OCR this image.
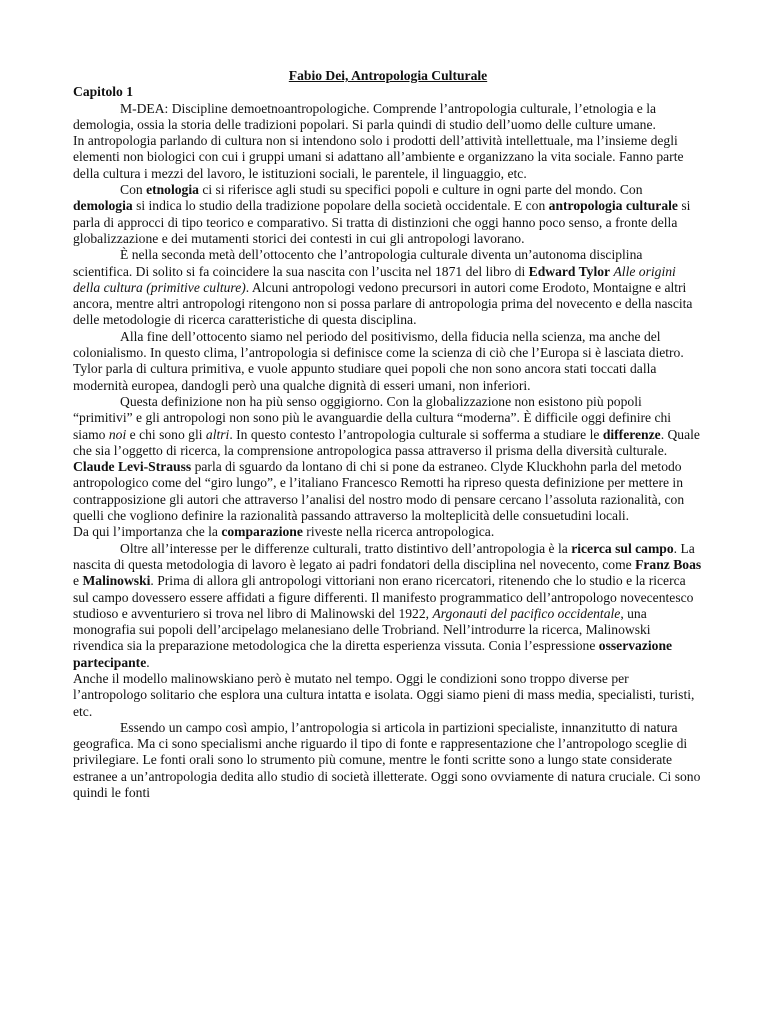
Fabio Dei, Antropologia Culturale
Capitolo 1

M-DEA: Discipline demoetnoantropologiche. Comprende l’antropologia culturale, l’etnologia e la demologia, ossia la storia delle tradizioni popolari. Si parla quindi di studio dell’uomo delle culture umane.

In antropologia parlando di cultura non si intendono solo i prodotti dell’attività intellettuale, ma l’insieme degli elementi non biologici con cui i gruppi umani si adattano all’ambiente e organizzano la vita sociale. Fanno parte della cultura i mezzi del lavoro, le istituzioni sociali, le parentele, il linguaggio, etc.

Con etnologia ci si riferisce agli studi su specifici popoli e culture in ogni parte del mondo. Con demologia si indica lo studio della tradizione popolare della società occidentale. E con antropologia culturale si parla di approcci di tipo teorico e comparativo. Si tratta di distinzioni che oggi hanno poco senso, a fronte della globalizzazione e dei mutamenti storici dei contesti in cui gli antropologi lavorano.

È nella seconda metà dell’ottocento che l’antropologia culturale diventa un’autonoma disciplina scientifica. Di solito si fa coincidere la sua nascita con l’uscita nel 1871 del libro di Edward Tylor Alle origini della cultura (primitive culture). Alcuni antropologi vedono precursori in autori come Erodoto, Montaigne e altri ancora, mentre altri antropologi ritengono non si possa parlare di antropologia prima del novecento e della nascita delle metodologie di ricerca caratteristiche di questa disciplina.

Alla fine dell’ottocento siamo nel periodo del positivismo, della fiducia nella scienza, ma anche del colonialismo. In questo clima, l’antropologia si definisce come la scienza di ciò che l’Europa si è lasciata dietro. Tylor parla di cultura primitiva, e vuole appunto studiare quei popoli che non sono ancora stati toccati dalla modernità europea, dandogli però una qualche dignità di esseri umani, non inferiori.

Questa definizione non ha più senso oggigiorno. Con la globalizzazione non esistono più popoli “primitivi” e gli antropologi non sono più le avanguardie della cultura “moderna”. È difficile oggi definire chi siamo noi e chi sono gli altri. In questo contesto l’antropologia culturale si sofferma a studiare le differenze. Quale che sia l’oggetto di ricerca, la comprensione antropologica passa attraverso il prisma della diversità culturale. Claude Levi-Strauss parla di sguardo da lontano di chi si pone da estraneo. Clyde Kluckhohn parla del metodo antropologico come del “giro lungo”, e l’italiano Francesco Remotti ha ripreso questa definizione per mettere in contrapposizione gli autori che attraverso l’analisi del nostro modo di pensare cercano l’assoluta razionalità, con quelli che vogliono definire la razionalità passando attraverso la molteplicità delle consuetudini locali.

Da qui l’importanza che la comparazione riveste nella ricerca antropologica.

Oltre all’interesse per le differenze culturali, tratto distintivo dell’antropologia è la ricerca sul campo. La nascita di questa metodologia di lavoro è legato ai padri fondatori della disciplina nel novecento, come Franz Boas e Malinowski. Prima di allora gli antropologi vittoriani non erano ricercatori, ritenendo che lo studio e la ricerca sul campo dovessero essere affidati a figure differenti. Il manifesto programmatico dell’antropologo novecentesco studioso e avventuriero si trova nel libro di Malinowski del 1922, Argonauti del pacifico occidentale, una monografia sui popoli dell’arcipelago melanesiano delle Trobriand. Nell’introdurre la ricerca, Malinowski rivendica sia la preparazione metodologica che la diretta esperienza vissuta. Conia l’espressione osservazione partecipante.

Anche il modello malinowskiano però è mutato nel tempo. Oggi le condizioni sono troppo diverse per l’antropologo solitario che esplora una cultura intatta e isolata. Oggi siamo pieni di mass media, specialisti, turisti, etc.

Essendo un campo così ampio, l’antropologia si articola in partizioni specialiste, innanzitutto di natura geografica. Ma ci sono specialismi anche riguardo il tipo di fonte e rappresentazione che l’antropologo sceglie di privilegiare. Le fonti orali sono lo strumento più comune, mentre le fonti scritte sono a lungo state considerate estranee a un’antropologia dedita allo studio di società illetterate. Oggi sono ovviamente di natura cruciale. Ci sono quindi le fonti
